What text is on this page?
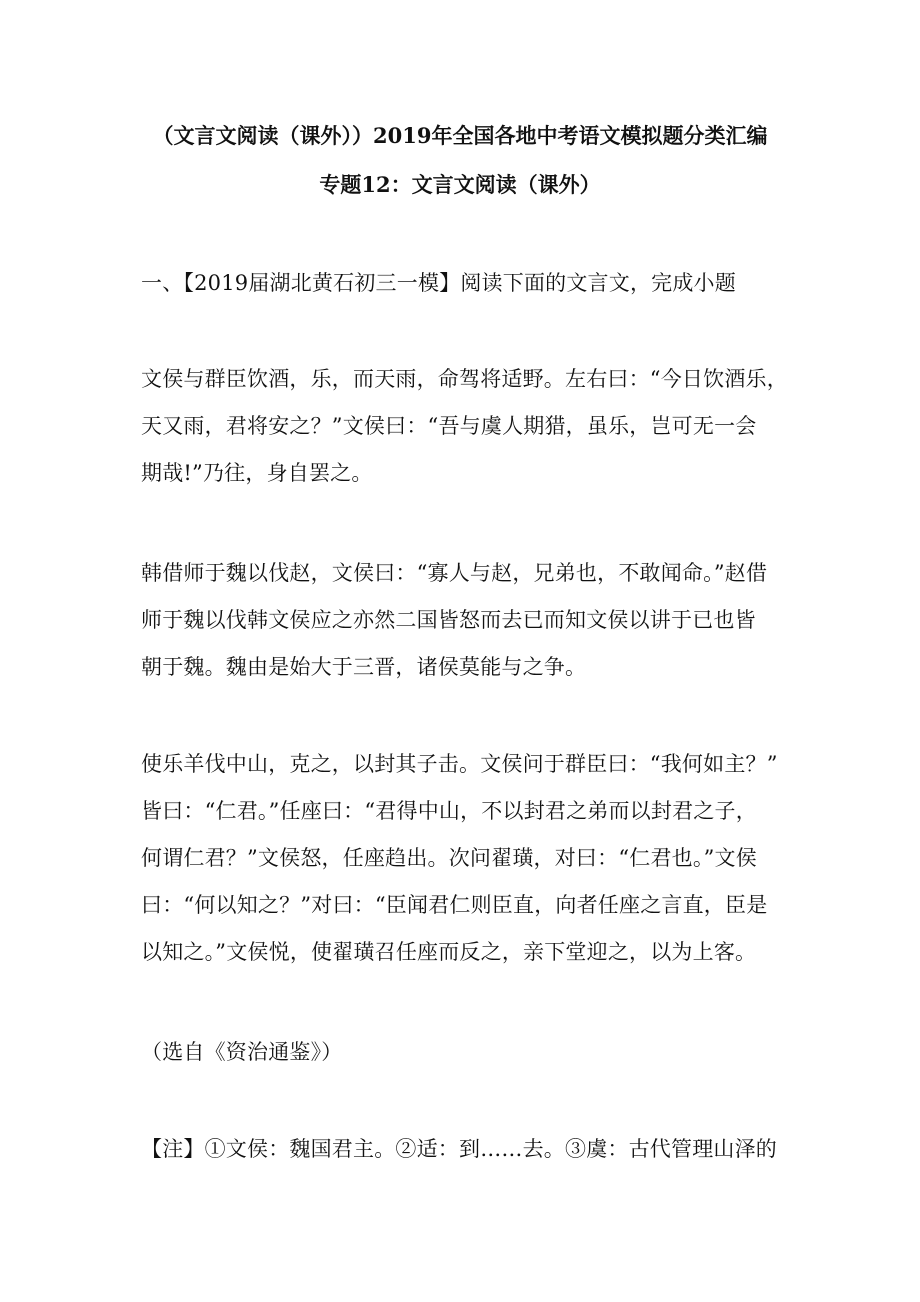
（文言文阅读（课外））2019年全国各地中考语文模拟题分类汇编
专题12：文言文阅读（课外）
一、【2019届湖北黄石初三一模】阅读下面的文言文，完成小题
文侯与群臣饮酒，乐，而天雨，命驾将适野。左右曰：“今日饮酒乐，
天又雨，君将安之？”文侯曰：“吾与虞人期猎，虽乐，岂可无一会
期哉!”乃往，身自罢之。
韩借师于魏以伐赵，文侯曰：“寡人与赵，兄弟也，不敢闻命。”赵借
师于魏以伐韩文侯应之亦然二国皆怒而去已而知文侯以讲于已也皆
朝于魏。魏由是始大于三晋，诸侯莫能与之争。
使乐羊伐中山，克之，以封其子击。文侯问于群臣曰：“我何如主？”
皆曰：“仁君。”任座曰：“君得中山，不以封君之弟而以封君之子，
何谓仁君？”文侯怒，任座趋出。次问翟璜，对曰：“仁君也。”文侯
曰：“何以知之？”对曰：“臣闻君仁则臣直，向者任座之言直，臣是
以知之。”文侯悦，使翟璜召任座而反之，亲下堂迎之，以为上客。
（选自《资治通鉴》）
【注】①文侯：魏国君主。②适：到……去。③虞：古代管理山泽的
